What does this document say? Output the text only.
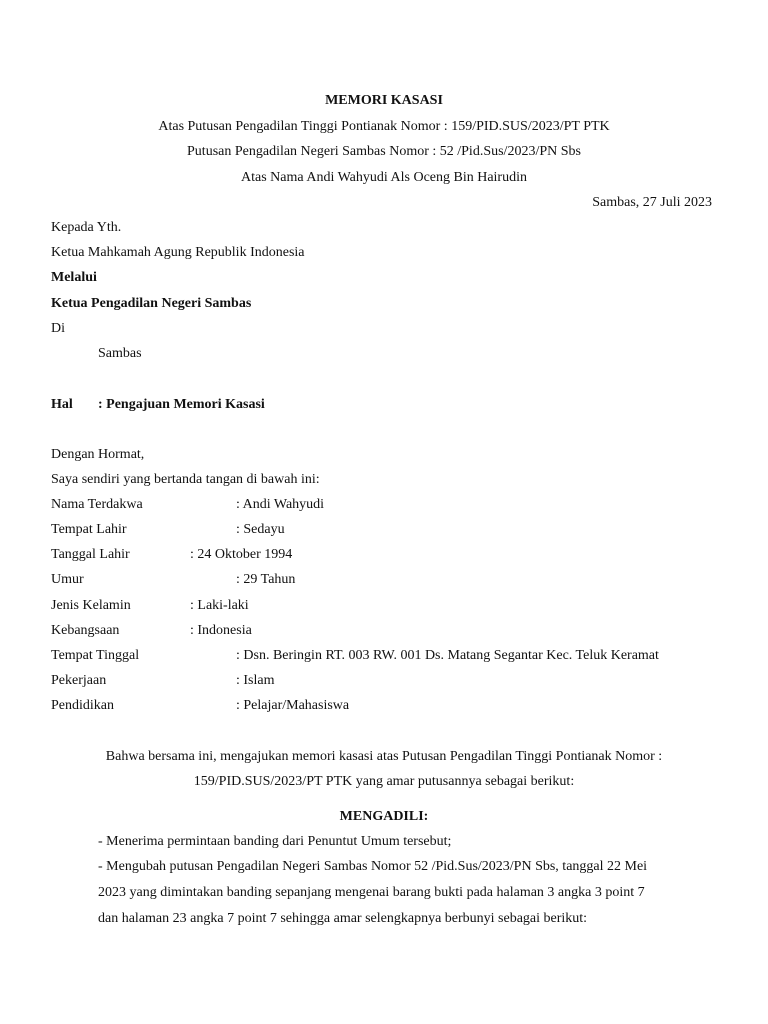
MEMORI KASASI
Atas Putusan Pengadilan Tinggi Pontianak Nomor : 159/PID.SUS/2023/PT PTK
Putusan Pengadilan Negeri Sambas Nomor : 52 /Pid.Sus/2023/PN Sbs
Atas Nama Andi Wahyudi Als Oceng Bin Hairudin
Sambas, 27 Juli 2023
Kepada Yth.
Ketua Mahkamah Agung Republik Indonesia
Melalui
Ketua Pengadilan Negeri Sambas
Di
Sambas
Hal : Pengajuan Memori Kasasi
Dengan Hormat,
Saya sendiri yang bertanda tangan di bawah ini:
Nama Terdakwa	: Andi Wahyudi
Tempat Lahir	: Sedayu
Tanggal Lahir	: 24 Oktober 1994
Umur	: 29 Tahun
Jenis Kelamin	: Laki-laki
Kebangsaan	: Indonesia
Tempat Tinggal	: Dsn. Beringin RT. 003 RW. 001 Ds. Matang Segantar Kec. Teluk Keramat
Pekerjaan	: Islam
Pendidikan	: Pelajar/Mahasiswa
Bahwa bersama ini, mengajukan memori kasasi atas Putusan Pengadilan Tinggi Pontianak Nomor :
159/PID.SUS/2023/PT PTK yang amar putusannya sebagai berikut:
MENGADILI:
- Menerima permintaan banding dari Penuntut Umum tersebut;
- Mengubah putusan Pengadilan Negeri Sambas Nomor 52 /Pid.Sus/2023/PN Sbs, tanggal 22 Mei
2023 yang dimintakan banding sepanjang mengenai barang bukti pada halaman 3 angka 3 point 7
dan halaman 23 angka 7 point 7 sehingga amar selengkapnya berbunyi sebagai berikut:
